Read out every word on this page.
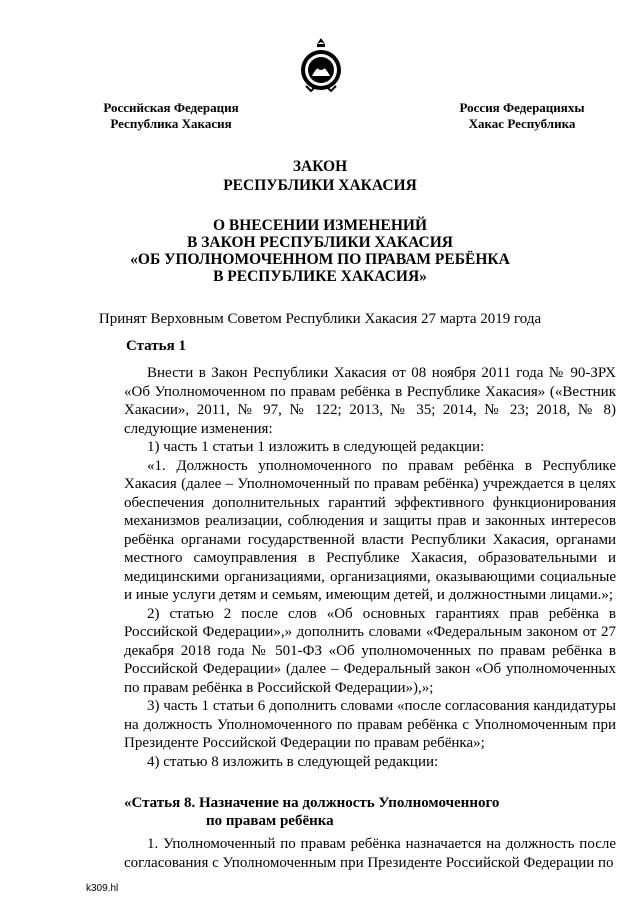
Российская Федерация
Республика Хакасия
Россия Федерацияхы
Хакас Республика
ЗАКОН
РЕСПУБЛИКИ ХАКАСИЯ
О ВНЕСЕНИИ ИЗМЕНЕНИЙ
В ЗАКОН РЕСПУБЛИКИ ХАКАСИЯ
«ОБ УПОЛНОМОЧЕННОМ ПО ПРАВАМ РЕБЁНКА
В РЕСПУБЛИКЕ ХАКАСИЯ»
Принят Верховным Советом Республики Хакасия 27 марта 2019 года
Статья 1

Внести в Закон Республики Хакасия от 08 ноября 2011 года № 90-ЗРХ «Об Уполномоченном по правам ребёнка в Республике Хакасия» («Вестник Хакасии», 2011, № 97, № 122; 2013, № 35; 2014, № 23; 2018, № 8) следующие изменения:

1) часть 1 статьи 1 изложить в следующей редакции:

«1. Должность уполномоченного по правам ребёнка в Республике Хакасия (далее – Уполномоченный по правам ребёнка) учреждается в целях обеспечения дополнительных гарантий эффективного функционирования механизмов реализации, соблюдения и защиты прав и законных интересов ребёнка органами государственной власти Республики Хакасия, органами местного самоуправления в Республике Хакасия, образовательными и медицинскими организациями, организациями, оказывающими социальные и иные услуги детям и семьям, имеющим детей, и должностными лицами.»;

2) статью 2 после слов «Об основных гарантиях прав ребёнка в Российской Федерации»,» дополнить словами «Федеральным законом от 27 декабря 2018 года № 501-ФЗ «Об уполномоченных по правам ребёнка в Российской Федерации» (далее – Федеральный закон «Об уполномоченных по правам ребёнка в Российской Федерации»),»;

3) часть 1 статьи 6 дополнить словами «после согласования кандидатуры на должность Уполномоченного по правам ребёнка с Уполномоченным при Президенте Российской Федерации по правам ребёнка»;

4) статью 8 изложить в следующей редакции:

«Статья 8. Назначение на должность Уполномоченного
по правам ребёнка

1. Уполномоченный по правам ребёнка назначается на должность после согласования с Уполномоченным при Президенте Российской Федерации по

k309.hl
